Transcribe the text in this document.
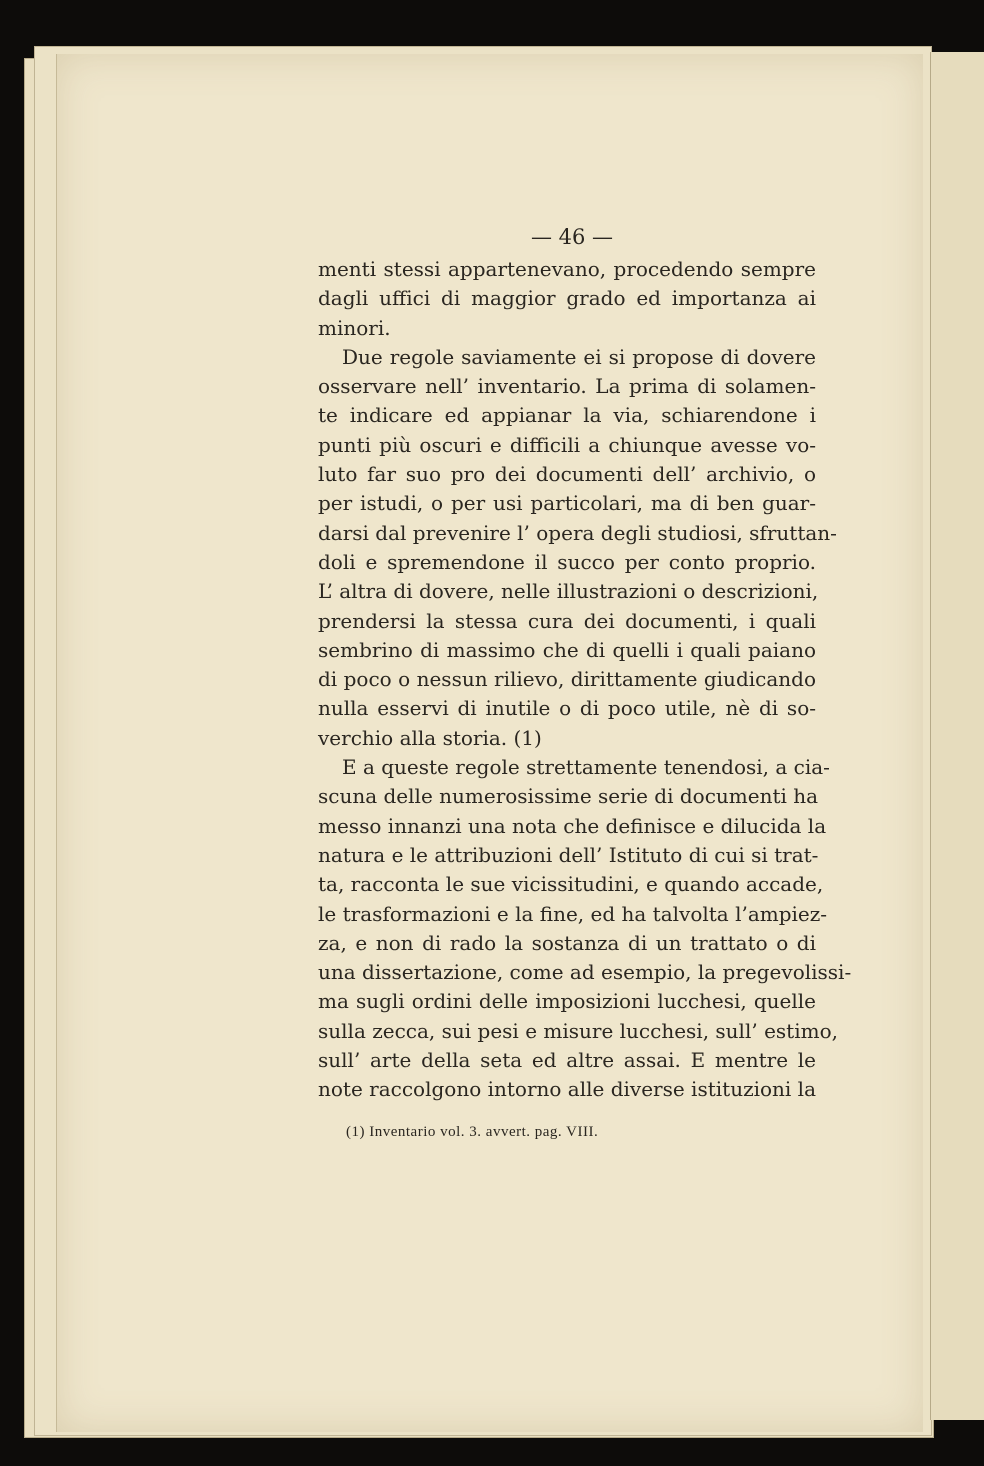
— 46 —
menti stessi appartenevano, procedendo sempre
dagli uffici di maggior grado ed importanza ai
minori.
Due regole saviamente ei si propose di dovere
osservare nell’ inventario. La prima di solamen-
te indicare ed appianar la via, schiarendone i
punti più oscuri e difficili a chiunque avesse vo-
luto far suo pro dei documenti dell’ archivio, o
per istudi, o per usi particolari, ma di ben guar-
darsi dal prevenire l’ opera degli studiosi, sfruttan-
doli e spremendone il succo per conto proprio.
L’ altra di dovere, nelle illustrazioni o descrizioni,
prendersi la stessa cura dei documenti, i quali
sembrino di massimo che di quelli i quali paiano
di poco o nessun rilievo, dirittamente giudicando
nulla esservi di inutile o di poco utile, nè di so-
verchio alla storia. (1)
E a queste regole strettamente tenendosi, a cia-
scuna delle numerosissime serie di documenti ha
messo innanzi una nota che definisce e dilucida la
natura e le attribuzioni dell’ Istituto di cui si trat-
ta, racconta le sue vicissitudini, e quando accade,
le trasformazioni e la fine, ed ha talvolta l’ampiez-
za, e non di rado la sostanza di un trattato o di
una dissertazione, come ad esempio, la pregevolissi-
ma sugli ordini delle imposizioni lucchesi, quelle
sulla zecca, sui pesi e misure lucchesi, sull’ estimo,
sull’ arte della seta ed altre assai. E mentre le
note raccolgono intorno alle diverse istituzioni la
(1) Inventario vol. 3. avvert. pag. VIII.
